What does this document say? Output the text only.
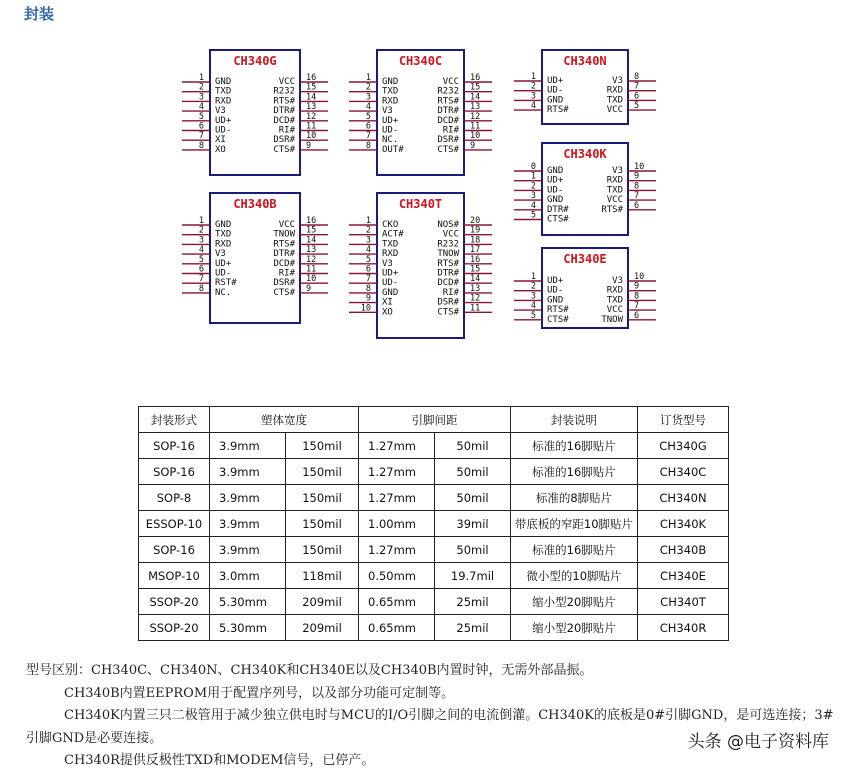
封装
CH340G
1 GND
2 TXD
3 RXD
4 V3
5 UD+
6 UD-
7 XI
8 XO
16
VCC
15
R232
14
RTS#
13
DTR#
12
DCD#
11
RI#
10
DSR#
9
CTS#
CH340C
1 GND
2 TXD
3 RXD
4 V3
5 UD+
6 UD-
7 NC.
8 OUT#
16
VCC
15
R232
14
RTS#
13
DTR#
12
DCD#
11
RI#
10
DSR#
9
CTS#
CH340N
1 UD+
2 UD-
3 GND
4 RTS#
8
V3
7
RXD
6
TXD
5
VCC
CH340K
0 GND
1 UD+
2 UD-
3 GND
4 DTR#
5 CTS#
10
V3
9
RXD
8
TXD
7
VCC
6
RTS#
CH340B
1 GND
2 TXD
3 RXD
4 V3
5 UD+
6 UD-
7 RST#
8 NC.
16
VCC
15
TNOW
14
RTS#
13
DTR#
12
DCD#
11
RI#
10
DSR#
9
CTS#
CH340T
1 CKO
2 ACT#
3 TXD
4 RXD
5 V3
6 UD+
7 UD-
8 GND
9 XI
10 XO
20
NOS#
19
VCC
18
R232
17
TNOW
16
RTS#
15
DTR#
14
DCD#
13
RI#
12
DSR#
11
CTS#
CH340E
1 UD+
2 UD-
3 GND
4 RTS#
5 CTS#
10
V3
9
RXD
8
TXD
7
VCC
6
TNOW
封装形式	塑体宽度		引脚间距		封装说明	订货型号
SOP-16	3.9mm	150mil	1.27mm	50mil	标准的16脚贴片	CH340G
SOP-16	3.9mm	150mil	1.27mm	50mil	标准的16脚贴片	CH340C
SOP-8	3.9mm	150mil	1.27mm	50mil	标准的8脚贴片	CH340N
ESSOP-10	3.9mm	150mil	1.00mm	39mil	带底板的窄距10脚贴片	CH340K
SOP-16	3.9mm	150mil	1.27mm	50mil	标准的16脚贴片	CH340B
MSOP-10	3.0mm	118mil	0.50mm	19.7mil	微小型的10脚贴片	CH340E
SSOP-20	5.30mm	209mil	0.65mm	25mil	缩小型20脚贴片	CH340T
SSOP-20	5.30mm	209mil	0.65mm	25mil	缩小型20脚贴片	CH340R

型号区别：CH340C、CH340N、CH340K和CH340E以及CH340B内置时钟，无需外部晶振。

CH340B内置EEPROM用于配置序列号，以及部分功能可定制等。

CH340K内置三只二极管用于减少独立供电时与MCU的I/O引脚之间的电流倒灌。CH340K的底板是0#引脚GND，是可选连接；3#引脚GND是必要连接。

CH340R提供反极性TXD和MODEM信号，已停产。

头条 @电子资料库
